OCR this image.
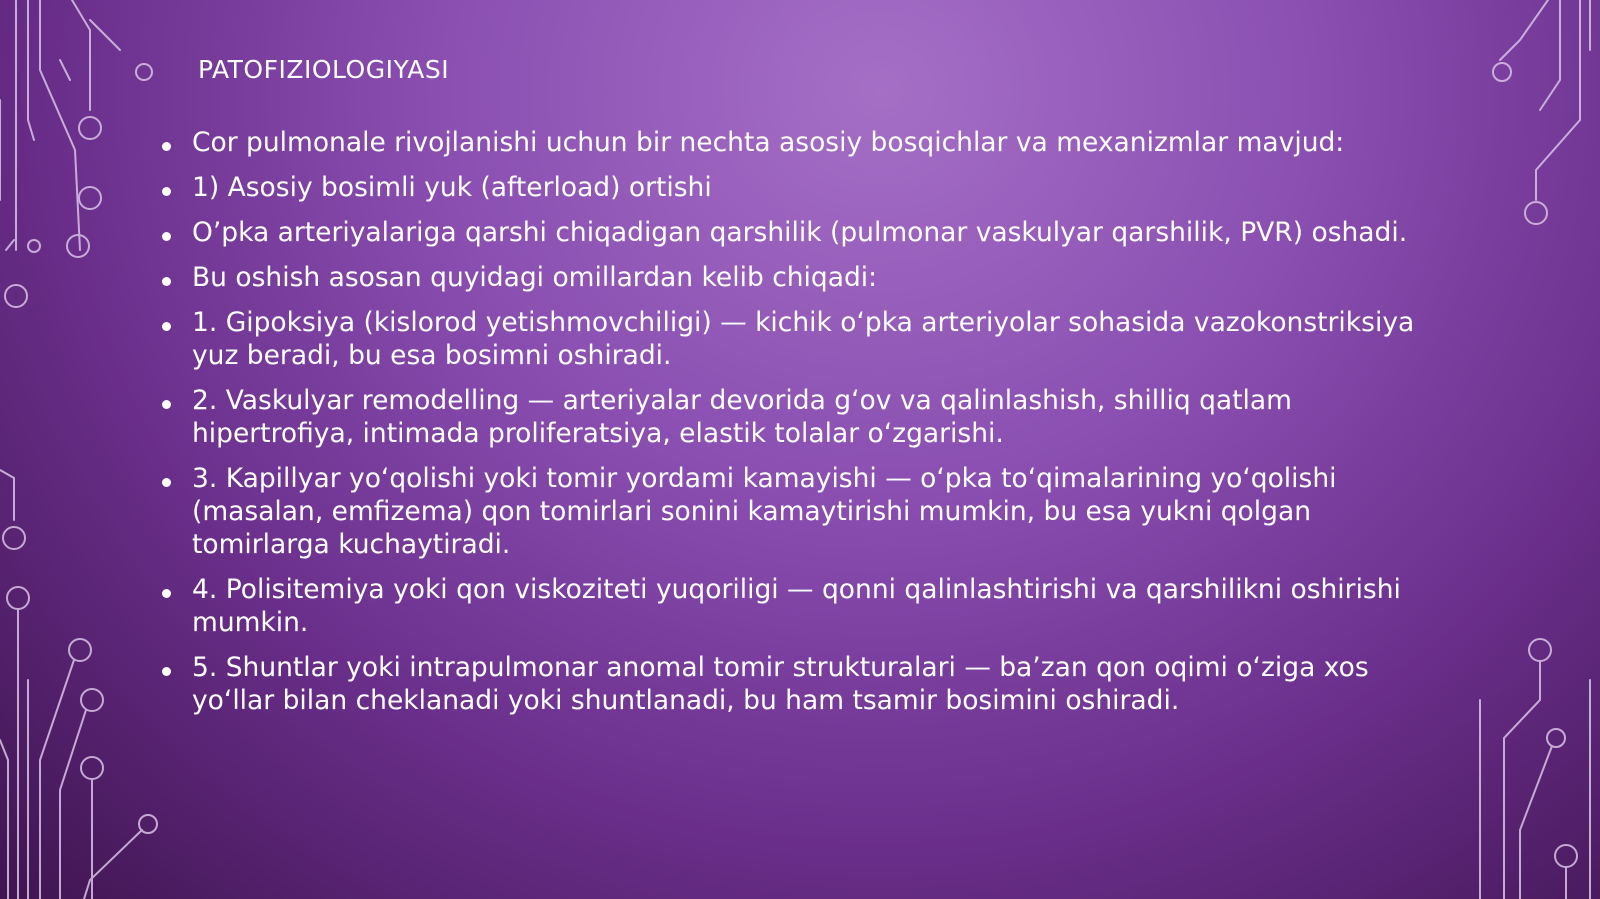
PATOFIZIOLOGIYASI
Cor pulmonale rivojlanishi uchun bir nechta asosiy bosqichlar va mexanizmlar mavjud:
1) Asosiy bosimli yuk (afterload) ortishi
O’pka arteriyalariga qarshi chiqadigan qarshilik (pulmonar vaskulyar qarshilik, PVR) oshadi.
Bu oshish asosan quyidagi omillardan kelib chiqadi:
1. Gipoksiya (kislorod yetishmovchiligi) — kichik o‘pka arteriyolar sohasida vazokonstriksiya yuz beradi, bu esa bosimni oshiradi.
2. Vaskulyar remodelling — arteriyalar devorida g‘ov va qalinlashish, shilliq qatlam hipertrofiya, intimada proliferatsiya, elastik tolalar o‘zgarishi.
3. Kapillyar yo‘qolishi yoki tomir yordami kamayishi — o‘pka to‘qimalarining yo‘qolishi (masalan, emfizema) qon tomirlari sonini kamaytirishi mumkin, bu esa yukni qolgan tomirlarga kuchaytiradi.
4. Polisitemiya yoki qon viskoziteti yuqoriligi — qonni qalinlashtirishi va qarshilikni oshirishi mumkin.
5. Shuntlar yoki intrapulmonar anomal tomir strukturalari — ba’zan qon oqimi o‘ziga xos yo‘llar bilan cheklanadi yoki shuntlanadi, bu ham tsamir bosimini oshiradi.
